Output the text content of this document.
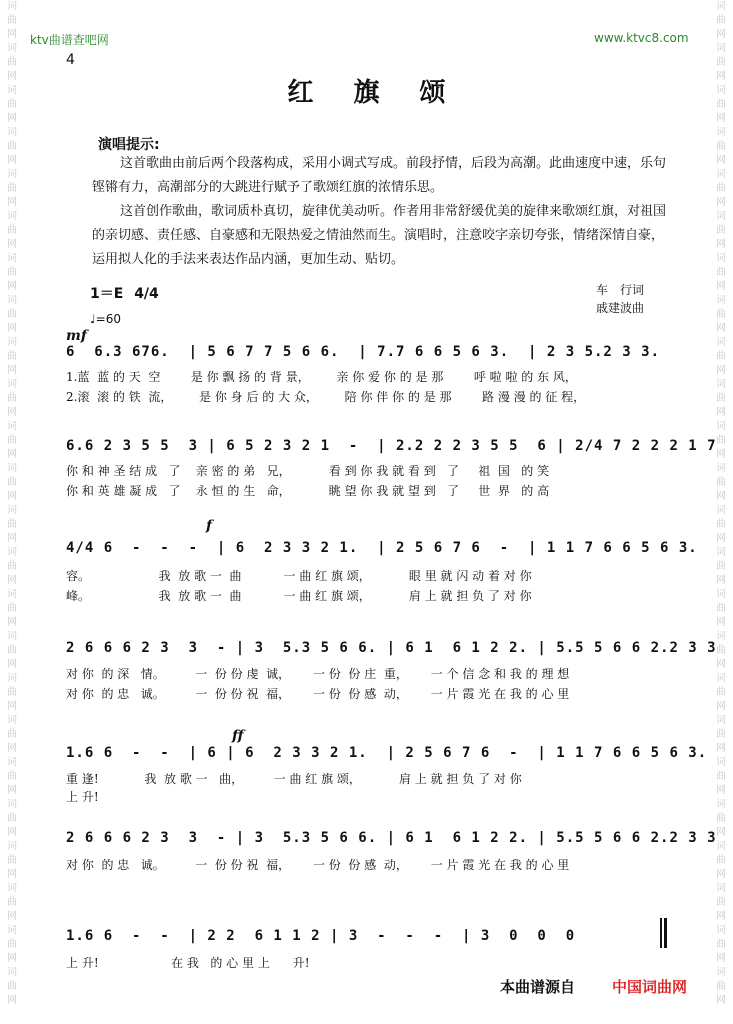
ktv曲谱查吧网	www.ktvc8.com
4
红旗颂
词
曲
网
词
曲
网
词
曲
网
词
曲
网
词
曲
网
词
曲
网
词
曲
网
词
曲
网
词
曲
网
词
曲
网
词
曲
网
词
曲
网
词
曲
网
词
曲
网
词
曲
网
词
曲
网
词
曲
网
词
曲
网
词
曲
网
词
曲
网
词
曲
网
词
曲
网
词
曲
网
词
曲
网
词
曲
网
词
曲
网
词
曲
网
词
曲
网
词
曲
网
词
曲
网
词
曲
网
词
曲
网
词
曲
网
词
曲
网
词
曲
网
词
曲
网
词
曲
网
词
曲
网
词
曲
网
词
曲
网
词
曲
网
词
曲
网
词
曲
网
词
曲
网
词
曲
网
词
曲
网
词
曲
网
词
曲
网
演唱提示:
这首歌曲由前后两个段落构成，采用小调式写成。前段抒情，后段为高潮。此曲速度中速，乐句铿锵有力，高潮部分的大跳进行赋予了歌颂红旗的浓情乐思。
这首创作歌曲，歌词质朴真切，旋律优美动听。作者用非常舒缓优美的旋律来歌颂红旗，对祖国的亲切感、责任感、自豪感和无限热爱之情油然而生。演唱时，注意咬字亲切夸张，情绪深情自豪，运用拟人化的手法来表达作品内涵，更加生动、贴切。
车　行词
戚建波曲
1＝E 4/4
♩=60
mf
f
ff
6  6.3 676.  | 5 6 7 7 5 6 6.  | 7.7 6 6 5 6 3.  | 2 3 5.2 3 3.
1.蓝  蓝 的 天  空        是 你 飘 扬 的 背 景，       亲 你 爱 你 的 是 那        呼 啦 啦 的 东 风，
2.滚  滚 的 铁  流，       是 你 身 后 的 大 众，       陪 你 伴 你 的 是 那        路 漫 漫 的 征 程，
6.6 2 3 5 5  3 | 6 5 2 3 2 1  -  | 2.2 2 2 3 5 5  6 | 2/4 7 2 2 2 1 7
你 和 神 圣 结 成   了    亲 密 的 弟   兄，          看 到 你 我 就 看 到   了     祖  国   的 笑
你 和 英 雄 凝 成   了    永 恒 的 生   命，          眺 望 你 我 就 望 到   了     世  界   的 高
4/4 6  -  -  -  | 6  2 3 3 2 1.  | 2 5 6 7 6  -  | 1 1 7 6 6 5 6 3.
容。                  我  放 歌 一  曲           一 曲 红 旗 颂，          眼 里 就 闪 动 着 对 你
峰。                  我  放 歌 一  曲           一 曲 红 旗 颂，          肩 上 就 担 负 了 对 你
2 6 6 6 2 3  3  - | 3  5.3 5 6 6. | 6 1  6 1 2 2. | 5.5 5 6 6 2.2 3 3
对 你  的 深   情。        一  份 份 虔  诚，      一 份  份 庄  重，      一 个 信 念 和 我 的 理 想
对 你  的 忠   诚。        一  份 份 祝  福，      一 份  份 感  动，      一 片 霞 光 在 我 的 心 里
1.6 6  -  -  | 6 | 6  2 3 3 2 1.  | 2 5 6 7 6  -  | 1 1 7 6 6 5 6 3.
重 逢!            我  放 歌 一   曲，        一 曲 红 旗 颂，          肩 上 就 担 负 了 对 你
上 升!
2 6 6 6 2 3  3  - | 3  5.3 5 6 6. | 6 1  6 1 2 2. | 5.5 5 6 6 2.2 3 3
对 你  的 忠   诚。        一  份 份 祝  福，      一 份  份 感  动，      一 片 霞 光 在 我 的 心 里
1.6 6  -  -  | 2 2  6 1 1 2 | 3  -  -  -  | 3  0  0  0
上 升!                   在 我   的 心 里 上      升!
本曲谱源自 中国词曲网
